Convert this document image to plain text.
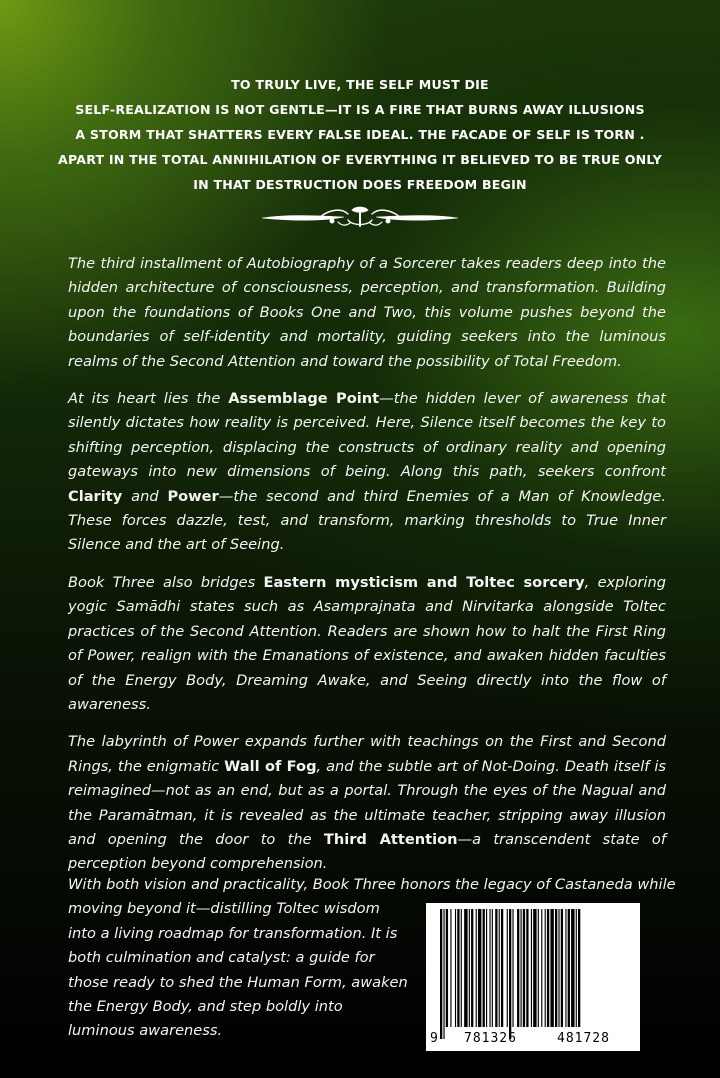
TO TRULY LIVE, THE SELF MUST DIE
SELF-REALIZATION IS NOT GENTLE—IT IS A FIRE THAT BURNS AWAY ILLUSIONS
A STORM THAT SHATTERS EVERY FALSE IDEAL. THE FACADE OF SELF IS TORN .
APART IN THE TOTAL ANNIHILATION OF EVERYTHING IT BELIEVED TO BE TRUE ONLY
IN THAT DESTRUCTION DOES FREEDOM BEGIN

The third installment of Autobiography of a Sorcerer takes readers deep into the hidden architecture of consciousness, perception, and transformation. Building upon the foundations of Books One and Two, this volume pushes beyond the boundaries of self-identity and mortality, guiding seekers into the luminous realms of the Second Attention and toward the possibility of Total Freedom.

At its heart lies the Assemblage Point—the hidden lever of awareness that silently dictates how reality is perceived. Here, Silence itself becomes the key to shifting perception, displacing the constructs of ordinary reality and opening gateways into new dimensions of being. Along this path, seekers confront Clarity and Power—the second and third Enemies of a Man of Knowledge. These forces dazzle, test, and transform, marking thresholds to True Inner Silence and the art of Seeing.

Book Three also bridges Eastern mysticism and Toltec sorcery, exploring yogic Samādhi states such as Asamprajnata and Nirvitarka alongside Toltec practices of the Second Attention. Readers are shown how to halt the First Ring of Power, realign with the Emanations of existence, and awaken hidden faculties of the Energy Body, Dreaming Awake, and Seeing directly into the flow of awareness.

The labyrinth of Power expands further with teachings on the First and Second Rings, the enigmatic Wall of Fog, and the subtle art of Not-Doing. Death itself is reimagined—not as an end, but as a portal. Through the eyes of the Nagual and the Paramātman, it is revealed as the ultimate teacher, stripping away illusion and opening the door to the Third Attention—a transcendent state of perception beyond comprehension.

With both vision and practicality, Book Three honors the legacy of Castaneda while
moving beyond it—distilling Toltec wisdom into a living roadmap for transformation. It is both culmination and catalyst: a guide for those ready to shed the Human Form, awaken the Energy Body, and step boldly into luminous awareness.	9 781326	481728
